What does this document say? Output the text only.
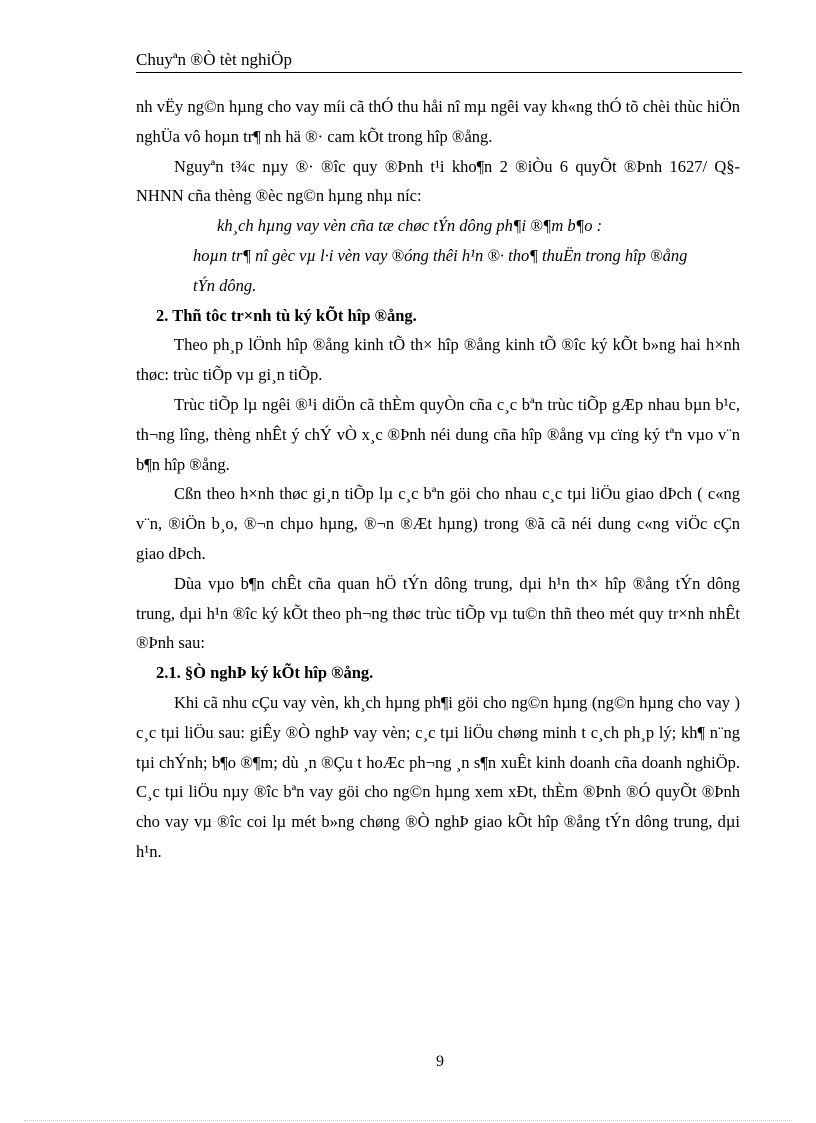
Chuyªn ®Ò tèt nghiÖp

nh vËy ng©n hµng cho vay míi cã thÓ thu håi nî mµ ngêi vay kh«ng thÓ tõ chèi thùc hiÖn nghÜa vô hoµn tr¶ nh hä ®· cam kÕt trong hîp ®ång.

Nguyªn t¾c nµy ®· ®îc quy ®Þnh t¹i kho¶n 2 ®iÒu 6 quyÕt ®Þnh 1627/ Q§- NHNN cña thèng ®èc ng©n hµng nhµ níc:

kh¸ch hµng vay vèn cña tæ chøc tÝn dông ph¶i ®¶m b¶o :
hoµn tr¶ nî gèc vµ l·i vèn vay ®óng thêi h¹n ®· tho¶ thuËn trong hîp ®ång tÝn dông.

2. Thñ tôc tr×nh tù ký kÕt hîp ®ång.

Theo ph¸p lÖnh hîp ®ång kinh tÕ th× hîp ®ång kinh tÕ ®îc ký kÕt b»ng hai h×nh thøc: trùc tiÕp vµ gi¸n tiÕp.

Trùc tiÕp lµ ngêi ®¹i diÖn cã thÈm quyÒn cña c¸c bªn trùc tiÕp gÆp nhau bµn b¹c, th¬ng lîng, thèng nhÊt ý chÝ vÒ x¸c ®Þnh néi dung cña hîp ®ång vµ cïng ký tªn vµo v¨n b¶n hîp ®ång.

Cßn theo h×nh thøc gi¸n tiÕp lµ c¸c bªn göi cho nhau c¸c tµi liÖu giao dÞch ( c«ng v¨n, ®iÖn b¸o, ®¬n chµo hµng, ®¬n ®Æt hµng) trong ®ã cã néi dung c«ng viÖc cÇn giao dÞch.

Dùa vµo b¶n chÊt cña quan hÖ tÝn dông trung, dµi h¹n th× hîp ®ång tÝn dông trung, dµi h¹n ®îc ký kÕt theo ph¬ng thøc trùc tiÕp vµ tu©n thñ theo mét quy tr×nh nhÊt ®Þnh sau:

2.1. §Ò nghÞ ký kÕt hîp ®ång.

Khi cã nhu cÇu vay vèn, kh¸ch hµng ph¶i göi cho ng©n hµng (ng©n hµng cho vay ) c¸c tµi liÖu sau: giÊy ®Ò nghÞ vay vèn; c¸c tµi liÖu chøng minh t c¸ch ph¸p lý; kh¶ n¨ng tµi chÝnh; b¶o ®¶m; dù ¸n ®Çu t hoÆc ph¬ng ¸n s¶n xuÊt kinh doanh cña doanh nghiÖp. C¸c tµi liÖu nµy ®îc bªn vay göi cho ng©n hµng xem xÐt, thÈm ®Þnh ®Ó quyÕt ®Þnh cho vay vµ ®îc coi lµ mét b»ng chøng ®Ò nghÞ giao kÕt hîp ®ång tÝn dông trung, dµi h¹n.

9
